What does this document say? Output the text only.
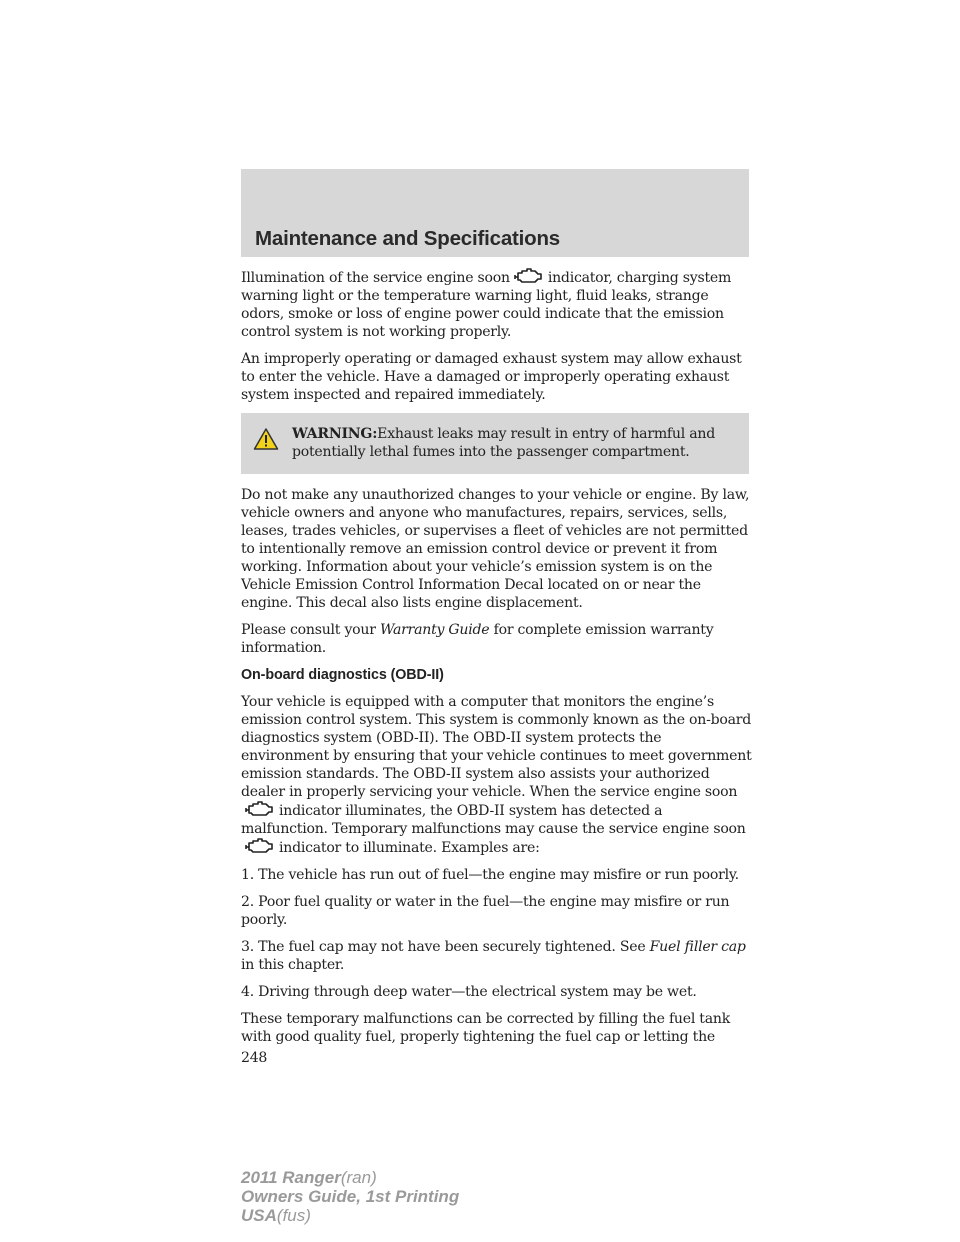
Maintenance and Specifications

Illumination of the service engine soon	indicator, charging system warning light or the temperature warning light, fluid leaks, strange odors, smoke or loss of engine power could indicate that the emission control system is not working properly.

An improperly operating or damaged exhaust system may allow exhaust to enter the vehicle. Have a damaged or improperly operating exhaust system inspected and repaired immediately.

WARNING:Exhaust leaks may result in entry of harmful and potentially lethal fumes into the passenger compartment.

Do not make any unauthorized changes to your vehicle or engine. By law, vehicle owners and anyone who manufactures, repairs, services, sells, leases, trades vehicles, or supervises a fleet of vehicles are not permitted to intentionally remove an emission control device or prevent it from working. Information about your vehicle’s emission system is on the Vehicle Emission Control Information Decal located on or near the engine. This decal also lists engine displacement.

Please consult your Warranty Guide for complete emission warranty information.

On-board diagnostics (OBD-II)

Your vehicle is equipped with a computer that monitors the engine’s emission control system. This system is commonly known as the on-board diagnostics system (OBD-II). The OBD-II system protects the environment by ensuring that your vehicle continues to meet government emission standards. The OBD-II system also assists your authorized dealer in properly servicing your vehicle. When the service engine soon
indicator illuminates, the OBD-II system has detected a malfunction. Temporary malfunctions may cause the service engine soon
indicator to illuminate. Examples are:

1. The vehicle has run out of fuel—the engine may misfire or run poorly.

2. Poor fuel quality or water in the fuel—the engine may misfire or run poorly.

3. The fuel cap may not have been securely tightened. See Fuel filler cap in this chapter.

4. Driving through deep water—the electrical system may be wet.

These temporary malfunctions can be corrected by filling the fuel tank with good quality fuel, properly tightening the fuel cap or letting the

248
2011 Ranger(ran)
Owners Guide, 1st Printing
USA(fus)
